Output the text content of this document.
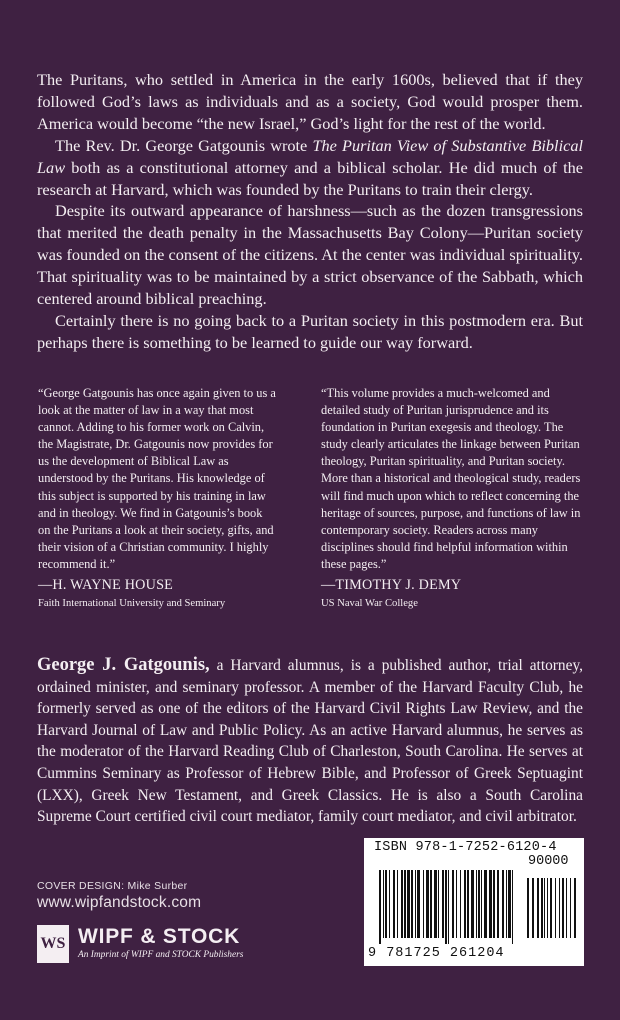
The Puritans, who settled in America in the early 1600s, believed that if they followed God’s laws as individuals and as a society, God would prosper them. America would become “the new Israel,” God’s light for the rest of the world.

The Rev. Dr. George Gatgounis wrote The Puritan View of Substantive Biblical Law both as a constitutional attorney and a biblical scholar. He did much of the research at Harvard, which was founded by the Puritans to train their clergy.

Despite its outward appearance of harshness—such as the dozen transgressions that merited the death penalty in the Massachusetts Bay Colony—Puritan society was founded on the consent of the citizens. At the center was individual spirituality. That spirituality was to be maintained by a strict observance of the Sabbath, which centered around biblical preaching.

Certainly there is no going back to a Puritan society in this postmodern era. But perhaps there is something to be learned to guide our way forward.

“George Gatgounis has once again given to us a look at the matter of law in a way that most cannot. Adding to his former work on Calvin, the Magistrate, Dr. Gatgounis now provides for us the development of Biblical Law as understood by the Puritans. His knowledge of this subject is supported by his training in law and in theology. We find in Gatgounis’s book on the Puritans a look at their society, gifts, and their vision of a Christian community. I highly recommend it.”

—H. WAYNE HOUSE
Faith International University and Seminary

“This volume provides a much-welcomed and detailed study of Puritan jurisprudence and its foundation in Puritan exegesis and theology. The study clearly articulates the linkage between Puritan theology, Puritan spirituality, and Puritan society. More than a historical and theological study, readers will find much upon which to reflect concerning the heritage of sources, purpose, and functions of law in contemporary society. Readers across many disciplines should find helpful information within these pages.”

—TIMOTHY J. DEMY
US Naval War College

George J. Gatgounis, a Harvard alumnus, is a published author, trial attorney, ordained minister, and seminary professor. A member of the Harvard Faculty Club, he formerly served as one of the editors of the Harvard Civil Rights Law Review, and the Harvard Journal of Law and Public Policy. As an active Harvard alumnus, he serves as the moderator of the Harvard Reading Club of Charleston, South Carolina. He serves at Cummins Seminary as Professor of Hebrew Bible, and Professor of Greek Septuagint (LXX), Greek New Testament, and Greek Classics. He is also a South Carolina Supreme Court certified civil court mediator, family court mediator, and civil arbitrator.

COVER DESIGN: Mike Surber
www.wipfandstock.com
WS WIPF & STOCK
An Imprint of WIPF and STOCK Publishers
ISBN 978-1-7252-6120-4
90000
9 781725 261204
